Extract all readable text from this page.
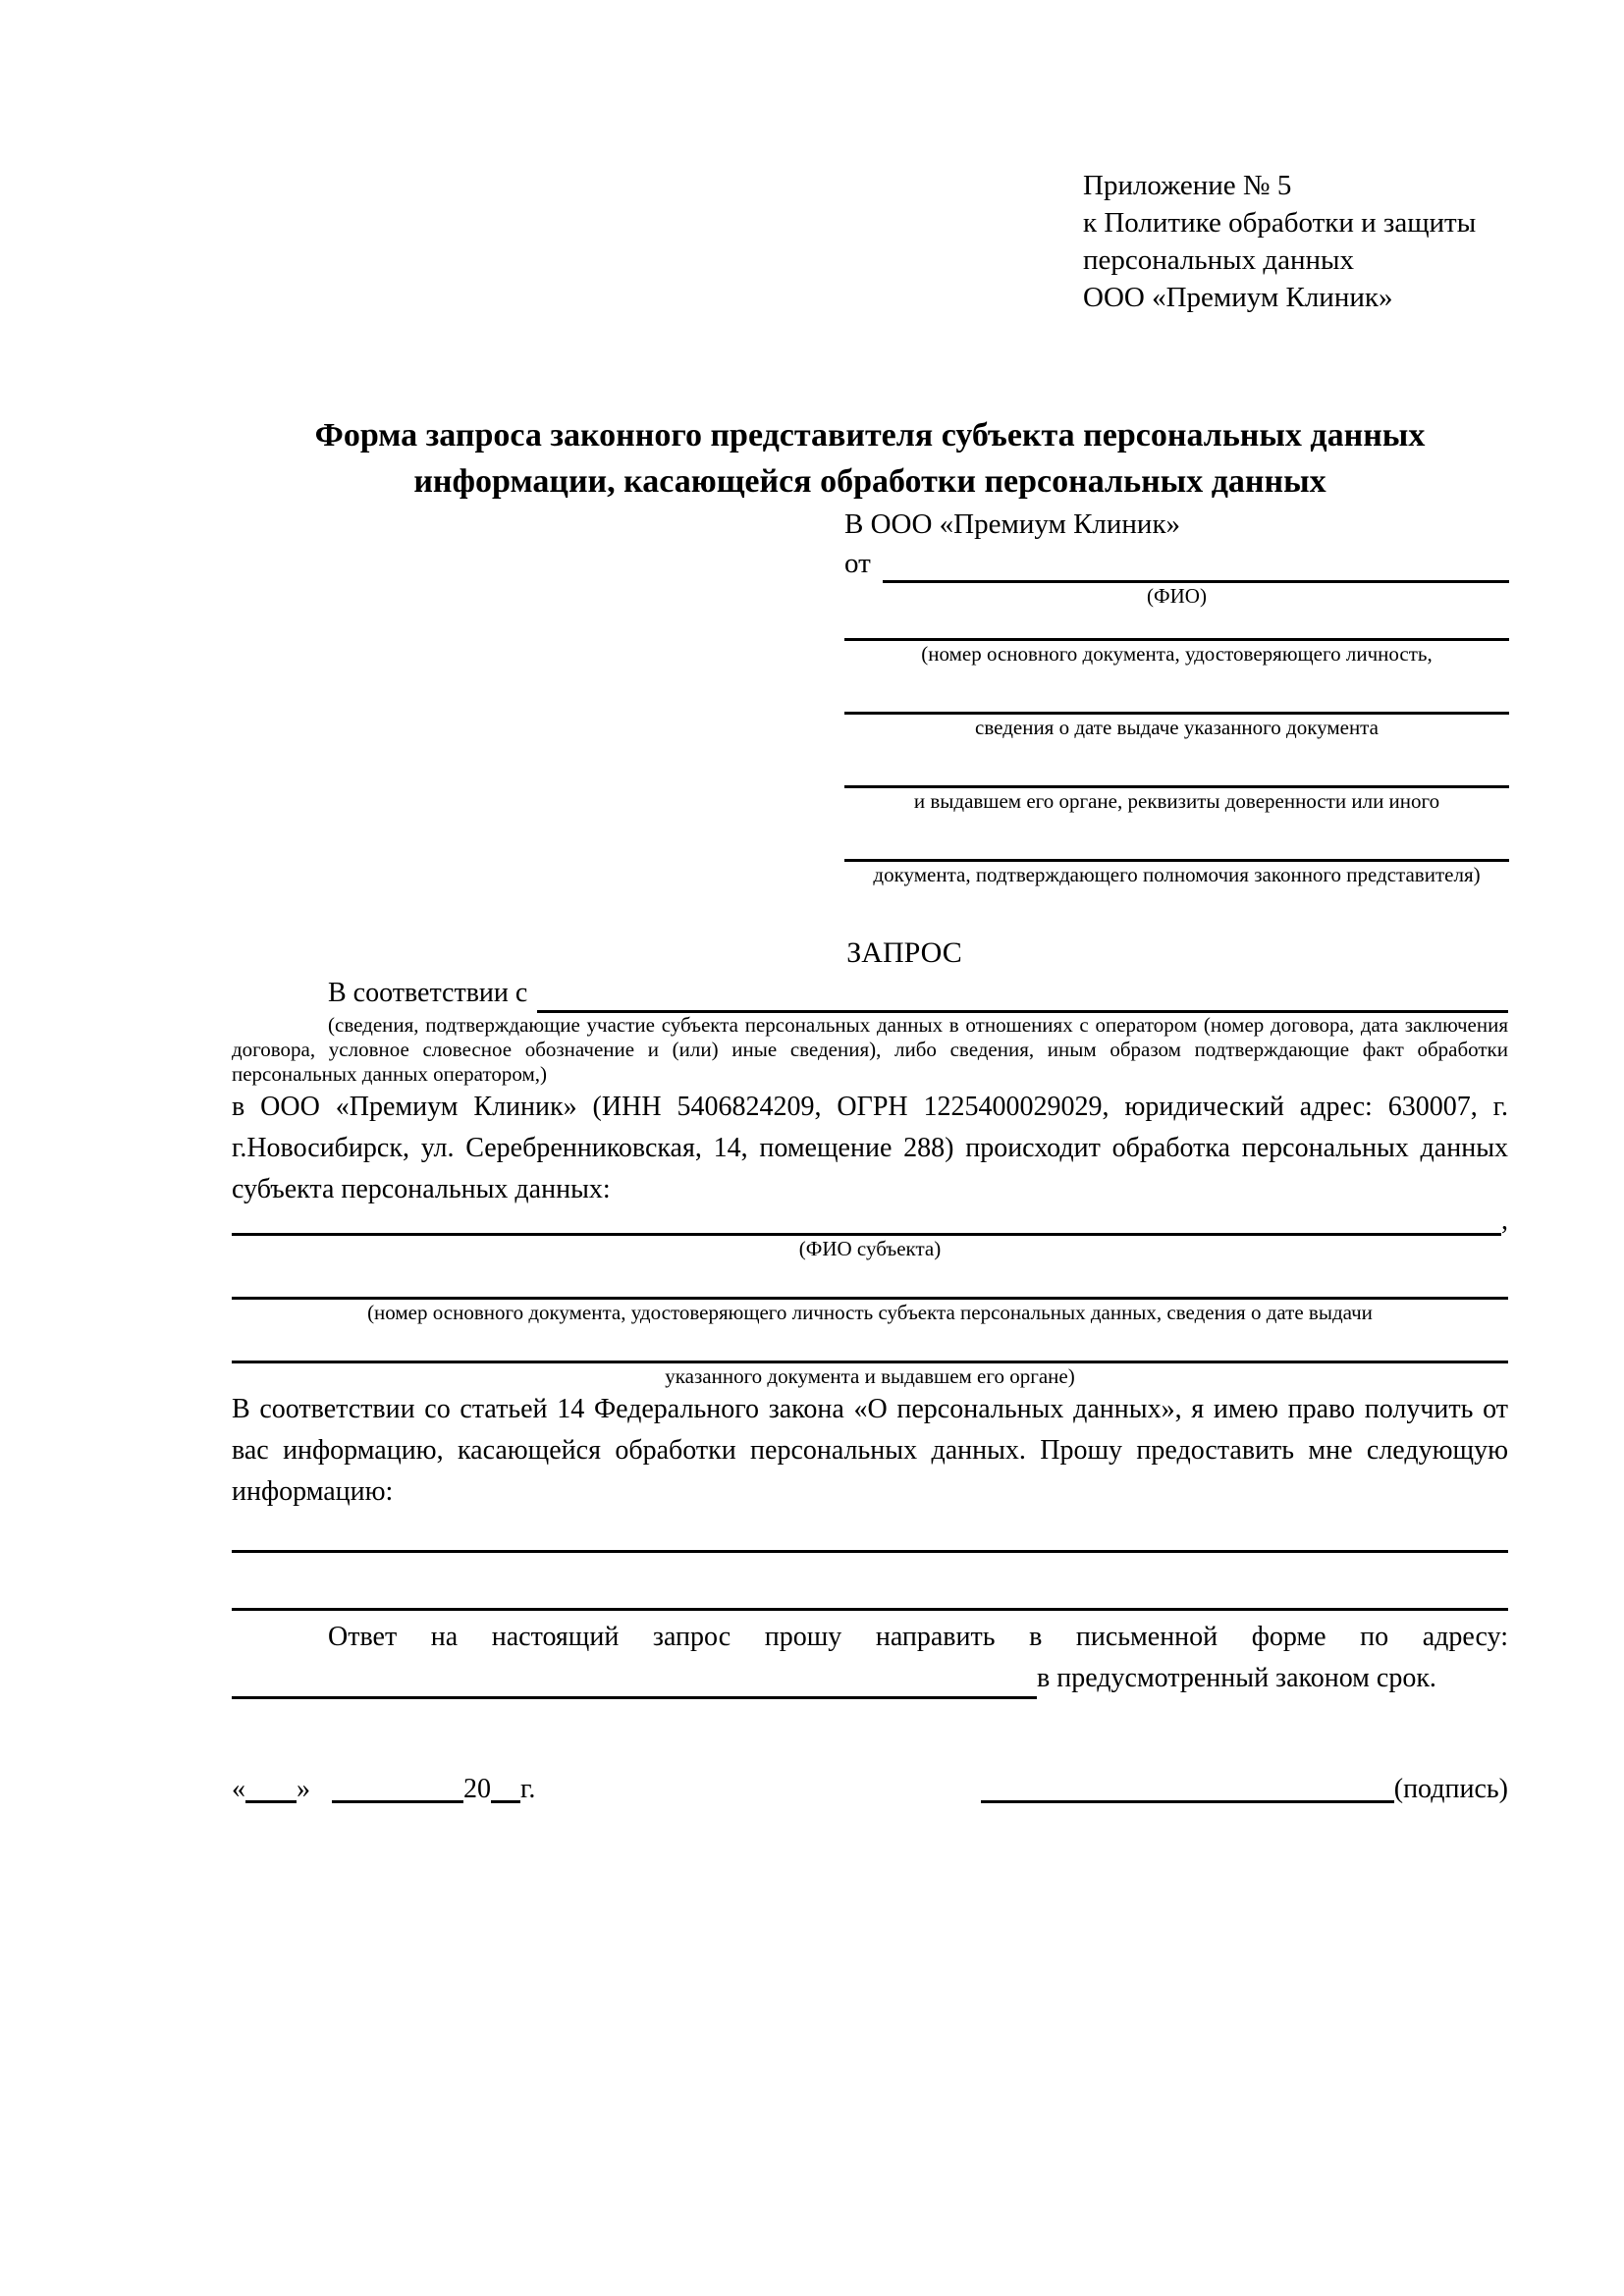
Приложение № 5
к Политике обработки и защиты
персональных данных
ООО «Премиум Клиник»
Форма запроса законного представителя субъекта персональных данных
информации, касающейся обработки персональных данных
В ООО «Премиум Клиник»
от
(ФИО)
(номер основного документа, удостоверяющего личность,
сведения о дате выдаче указанного документа
и выдавшем его органе, реквизиты доверенности или иного
документа, подтверждающего полномочия законного представителя)
ЗАПРОС
В соответствии с
(сведения, подтверждающие участие субъекта персональных данных в отношениях с оператором (номер договора, дата заключения договора, условное словесное обозначение и (или) иные сведения), либо сведения, иным образом подтверждающие факт обработки персональных данных оператором,)
в ООО «Премиум Клиник» (ИНН 5406824209, ОГРН 1225400029029, юридический адрес: 630007, г. г.Новосибирск, ул. Серебренниковская, 14, помещение 288) происходит обработка персональных данных субъекта персональных данных:
,
(ФИО субъекта)
(номер основного документа, удостоверяющего личность субъекта персональных данных, сведения о дате выдачи
указанного документа и выдавшем его органе)
В соответствии со статьей 14 Федерального закона «О персональных данных», я имею право получить от вас информацию, касающейся обработки персональных данных. Прошу предоставить мне следующую информацию:
Ответ на настоящий запрос прошу направить в письменной форме по адресу:
в предусмотренный законом срок.
« »	20 г.	(подпись)
